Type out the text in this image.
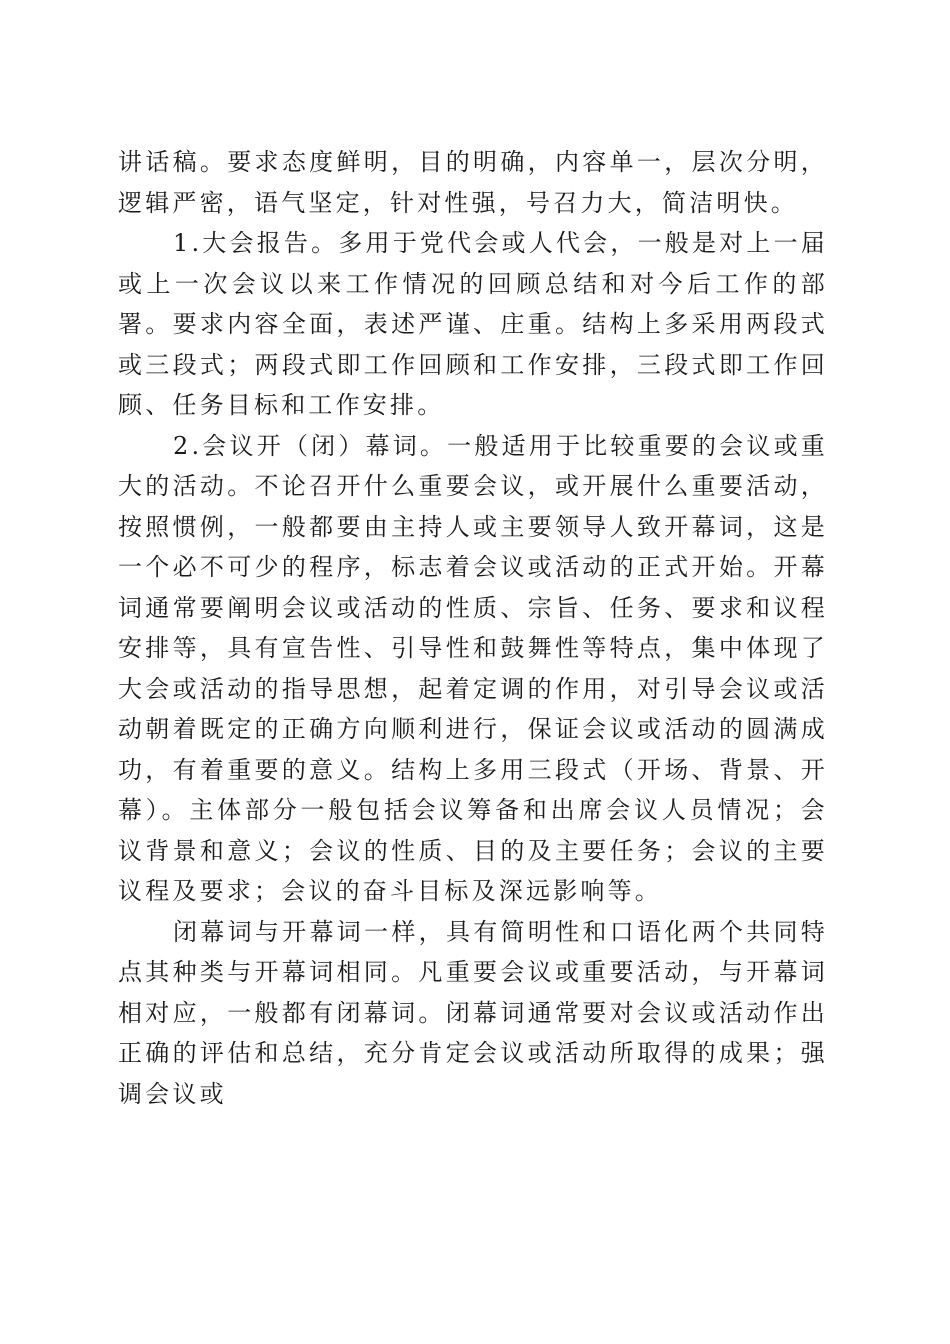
讲话稿。要求态度鲜明，目的明确，内容单一，层次分明，逻辑严密，语气坚定，针对性强，号召力大，简洁明快。

1.大会报告。多用于党代会或人代会，一般是对上一届或上一次会议以来工作情况的回顾总结和对今后工作的部署。要求内容全面，表述严谨、庄重。结构上多采用两段式或三段式；两段式即工作回顾和工作安排，三段式即工作回顾、任务目标和工作安排。

2.会议开（闭）幕词。一般适用于比较重要的会议或重大的活动。不论召开什么重要会议，或开展什么重要活动，按照惯例，一般都要由主持人或主要领导人致开幕词，这是一个必不可少的程序，标志着会议或活动的正式开始。开幕词通常要阐明会议或活动的性质、宗旨、任务、要求和议程安排等，具有宣告性、引导性和鼓舞性等特点，集中体现了大会或活动的指导思想，起着定调的作用，对引导会议或活动朝着既定的正确方向顺利进行，保证会议或活动的圆满成功，有着重要的意义。结构上多用三段式（开场、背景、开幕）。主体部分一般包括会议筹备和出席会议人员情况；会议背景和意义；会议的性质、目的及主要任务；会议的主要议程及要求；会议的奋斗目标及深远影响等。

闭幕词与开幕词一样，具有简明性和口语化两个共同特点其种类与开幕词相同。凡重要会议或重要活动，与开幕词相对应，一般都有闭幕词。闭幕词通常要对会议或活动作出正确的评估和总结，充分肯定会议或活动所取得的成果；强调会议或
